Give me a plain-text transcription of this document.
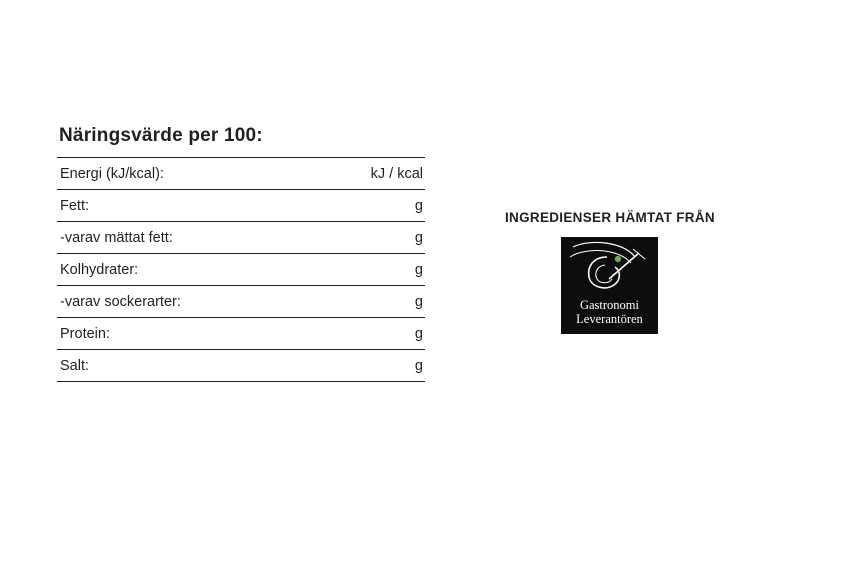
Näringsvärde per 100:
Energi (kJ/kcal):	kJ / kcal
Fett:	g
-varav mättat fett:	g
Kolhydrater:	g
-varav sockerarter:	g
Protein:	g
Salt:	g
INGREDIENSER HÄMTAT FRÅN
Gastronomi
Leverantören
